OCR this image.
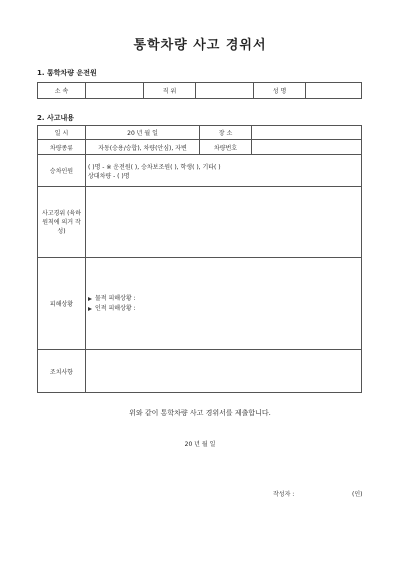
통학차량 사고 경위서
1. 통학차량 운전원
소 속		직 위		성 명	
2. 사고내용
일 시	20 년 월 일	장 소	
차량종류	자동(승용/승합), 차량(안심), 자변	차량번호	
승차인원	( )명 - ※ 운전원( ), 승차보조원( ), 학생( ), 기타( )
상대차량 - ( )명		

사고경위 (육하원칙에 의거 작성)			
피해상황	물적 피해상황 :
인적 피해상황 :		

조치사항			
위와 같이 통학차량 사고 경위서를 제출합니다.
20 년 월 일
작성자 :	(인)
